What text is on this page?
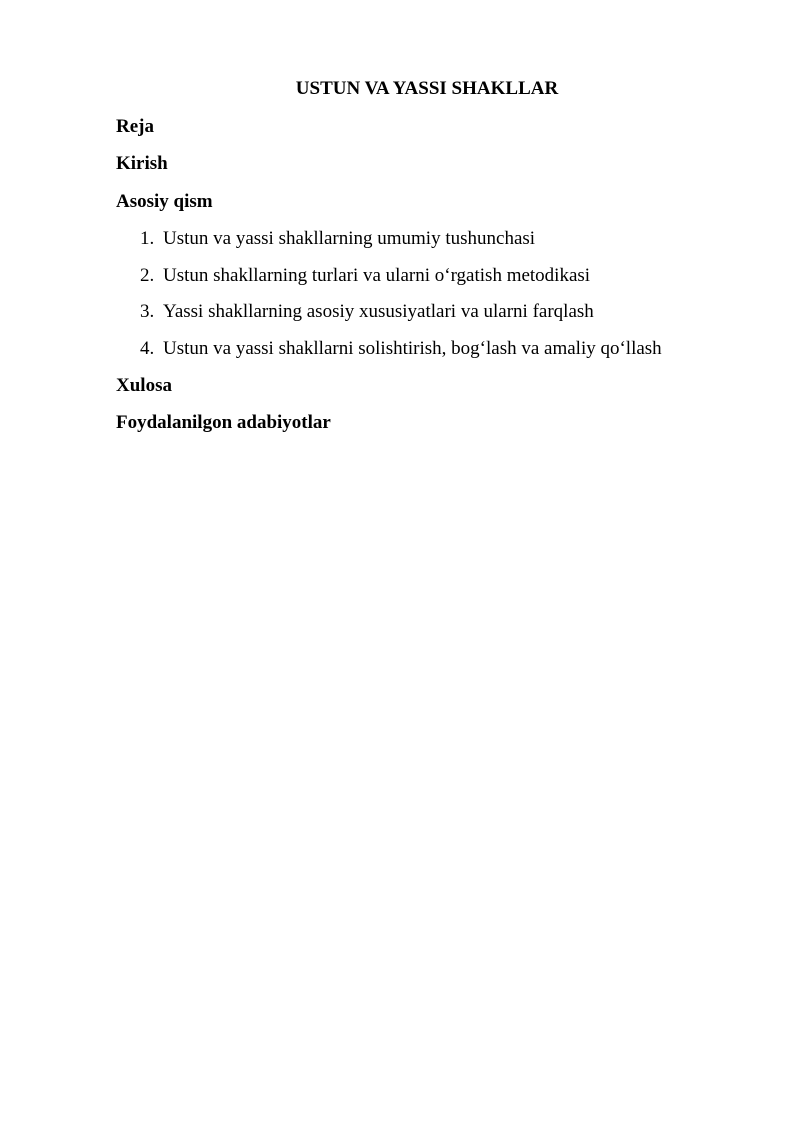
USTUN VA YASSI SHAKLLAR
Reja
Kirish
Asosiy qism
1. Ustun va yassi shakllarning umumiy tushunchasi
2. Ustun shakllarning turlari va ularni o‘rgatish metodikasi
3. Yassi shakllarning asosiy xususiyatlari va ularni farqlash
4. Ustun va yassi shakllarni solishtirish, bog‘lash va amaliy qo‘llash
Xulosa
Foydalanilgon adabiyotlar
